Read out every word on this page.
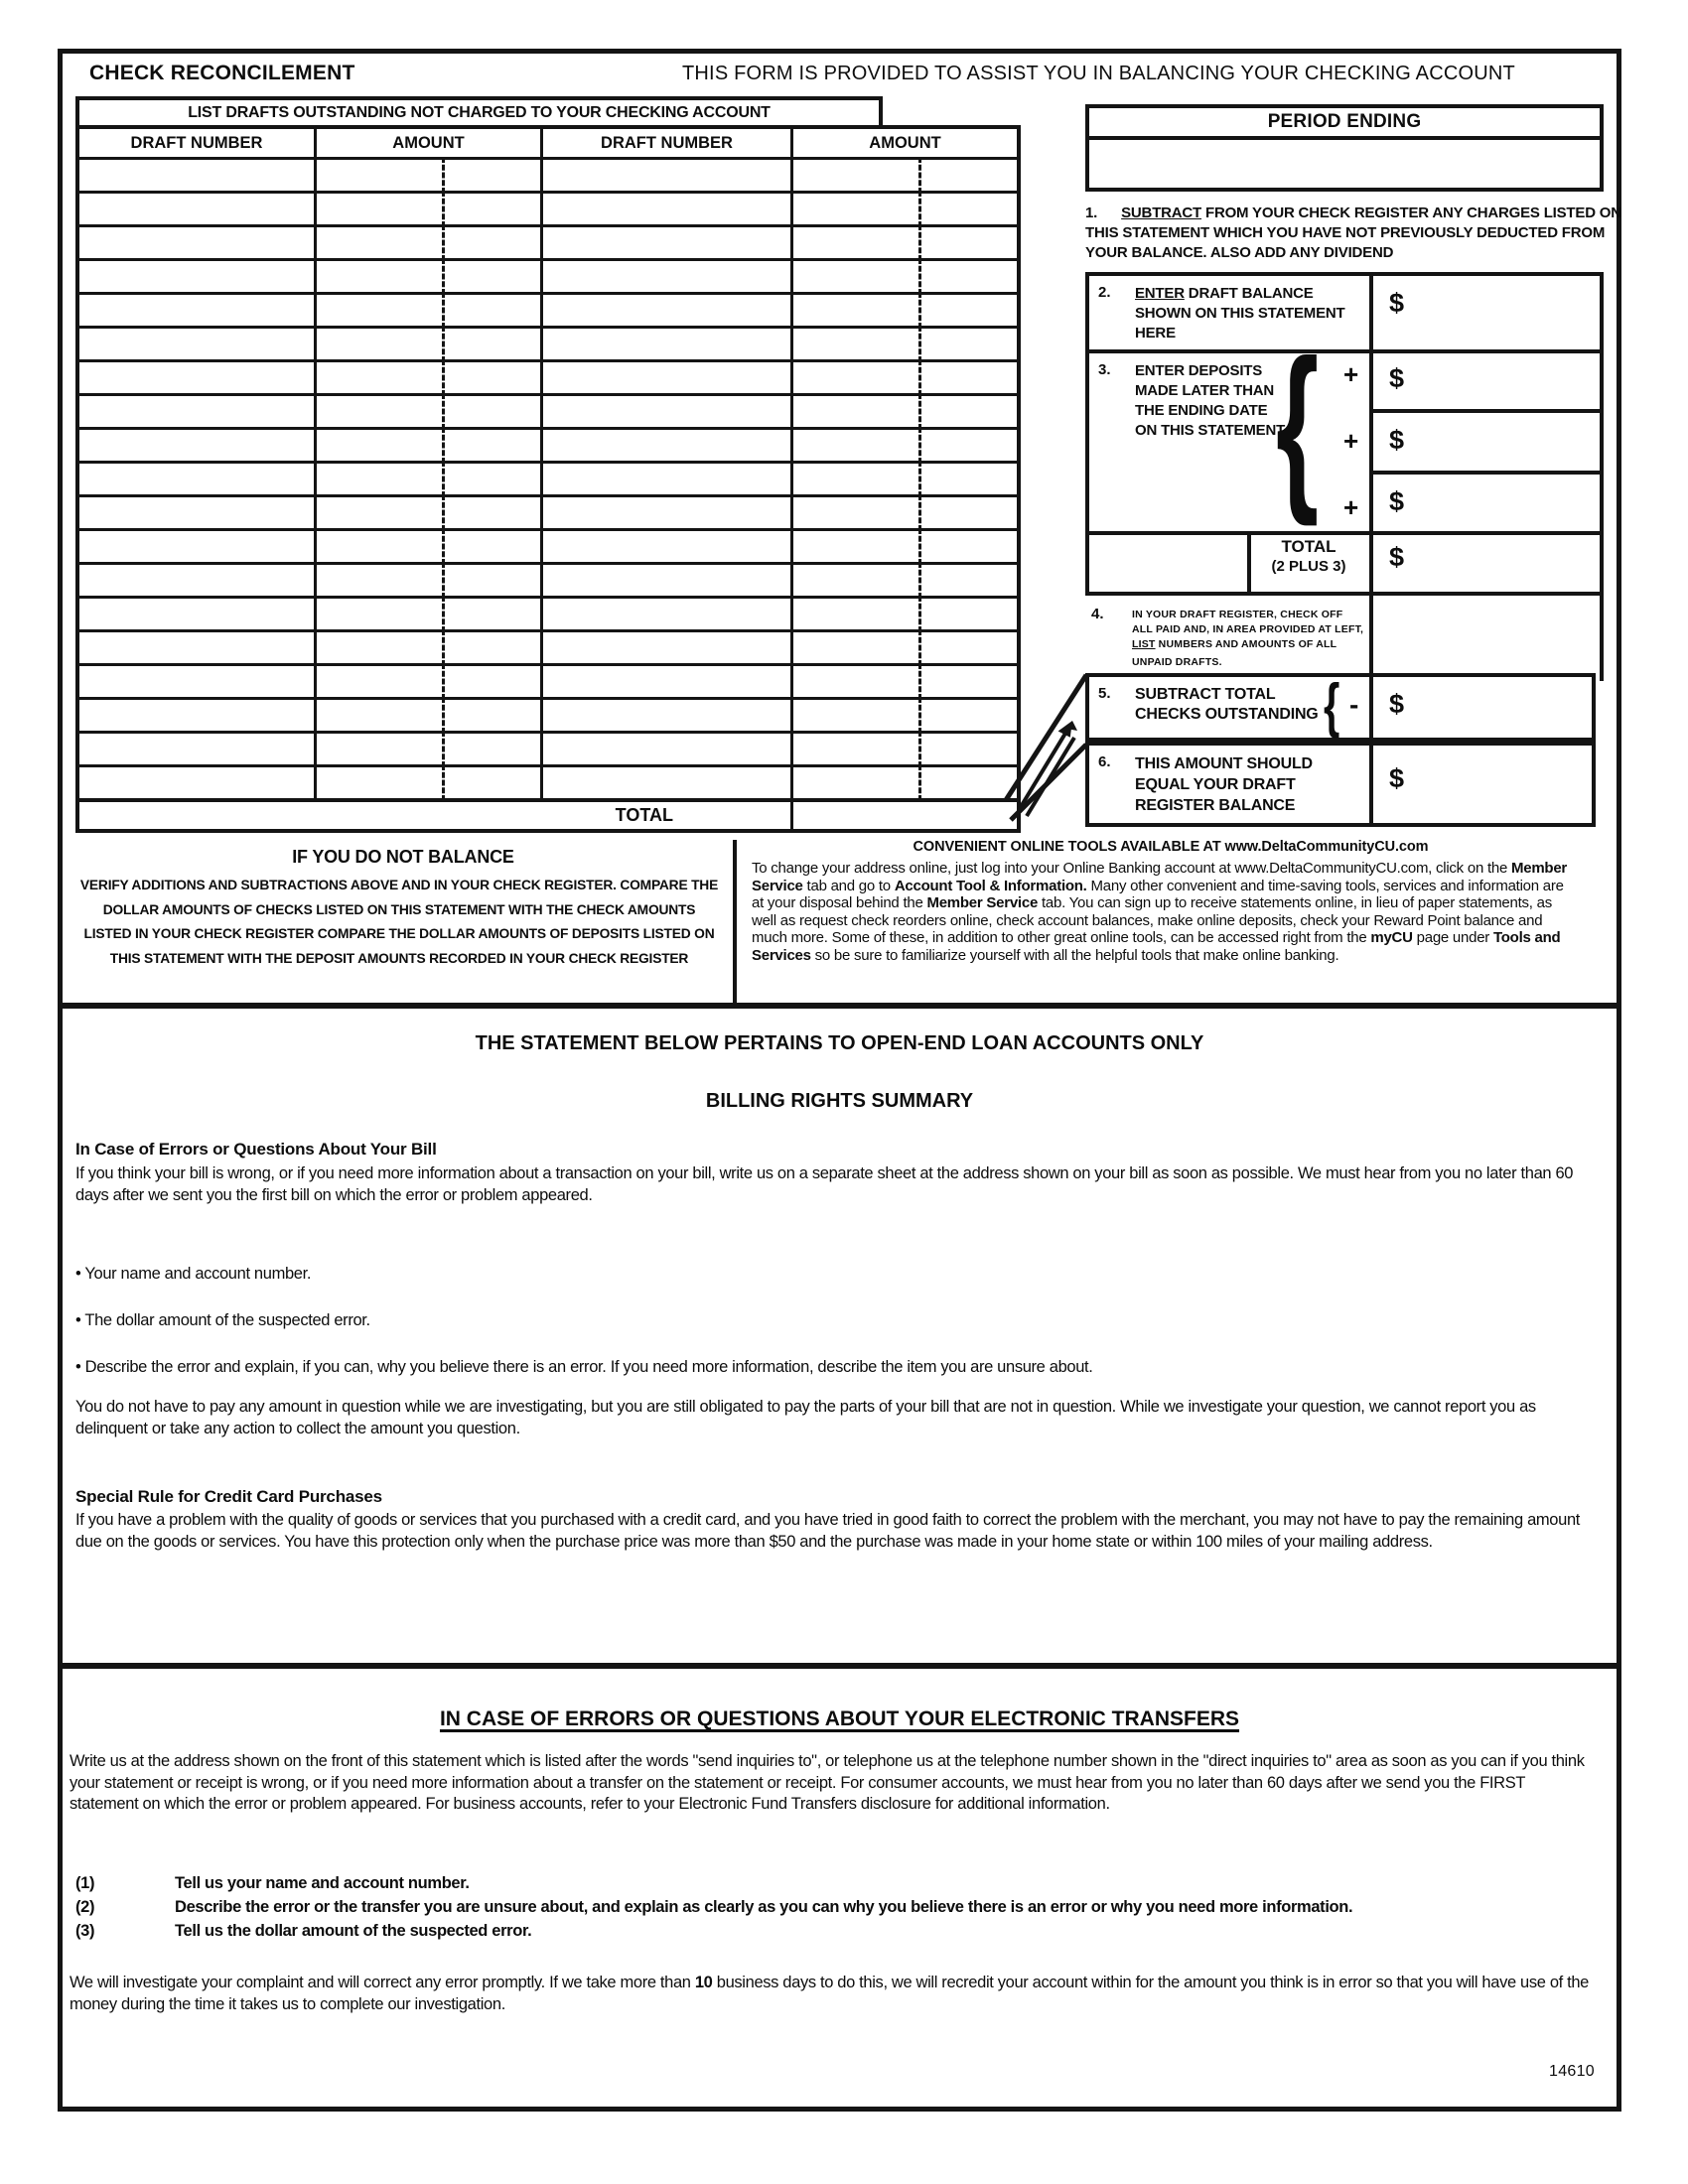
CHECK RECONCILEMENT	THIS FORM IS PROVIDED TO ASSIST YOU IN BALANCING YOUR CHECKING ACCOUNT
LIST DRAFTS OUTSTANDING NOT CHARGED TO YOUR CHECKING ACCOUNT
DRAFT NUMBER	AMOUNT	DRAFT NUMBER	AMOUNT

TOTAL			
PERIOD ENDING
1. SUBTRACT FROM YOUR CHECK REGISTER ANY CHARGES LISTED ON THIS STATEMENT WHICH YOU HAVE NOT PREVIOUSLY DEDUCTED FROM YOUR BALANCE. ALSO ADD ANY DIVIDEND
2. ENTER DRAFT BALANCE SHOWN ON THIS STATEMENT HERE
$
3. ENTER DEPOSITS
MADE LATER THAN
THE ENDING DATE
ON THIS STATEMENT
{ +
+
+
$
$
$
TOTAL
(2 PLUS 3)	$
4.	IN YOUR DRAFT REGISTER, CHECK OFF
ALL PAID AND, IN AREA PROVIDED AT LEFT,
LIST NUMBERS AND AMOUNTS OF ALL
UNPAID DRAFTS.
5. SUBTRACT TOTAL
CHECKS OUTSTANDING { - $
6. THIS AMOUNT SHOULD
EQUAL YOUR DRAFT
REGISTER BALANCE
$
IF YOU DO NOT BALANCE
VERIFY ADDITIONS AND SUBTRACTIONS ABOVE AND IN YOUR CHECK REGISTER. COMPARE THE DOLLAR AMOUNTS OF CHECKS LISTED ON THIS STATEMENT WITH THE CHECK AMOUNTS LISTED IN YOUR CHECK REGISTER COMPARE THE DOLLAR AMOUNTS OF DEPOSITS LISTED ON THIS STATEMENT WITH THE DEPOSIT AMOUNTS RECORDED IN YOUR CHECK REGISTER
CONVENIENT ONLINE TOOLS AVAILABLE AT www.DeltaCommunityCU.com
To change your address online, just log into your Online Banking account at www.DeltaCommunityCU.com, click on the Member Service tab and go to Account Tool & Information. Many other convenient and time-saving tools, services and information are at your disposal behind the Member Service tab. You can sign up to receive statements online, in lieu of paper statements, as well as request check reorders online, check account balances, make online deposits, check your Reward Point balance and much more. Some of these, in addition to other great online tools, can be accessed right from the myCU page under Tools and Services so be sure to familiarize yourself with all the helpful tools that make online banking.
THE STATEMENT BELOW PERTAINS TO OPEN-END LOAN ACCOUNTS ONLY
BILLING RIGHTS SUMMARY
In Case of Errors or Questions About Your Bill
If you think your bill is wrong, or if you need more information about a transaction on your bill, write us on a separate sheet at the address shown on your bill as soon as possible. We must hear from you no later than 60 days after we sent you the first bill on which the error or problem appeared.
• Your name and account number.
• The dollar amount of the suspected error.
• Describe the error and explain, if you can, why you believe there is an error. If you need more information, describe the item you are unsure about.
You do not have to pay any amount in question while we are investigating, but you are still obligated to pay the parts of your bill that are not in question. While we investigate your question, we cannot report you as delinquent or take any action to collect the amount you question.
Special Rule for Credit Card Purchases
If you have a problem with the quality of goods or services that you purchased with a credit card, and you have tried in good faith to correct the problem with the merchant, you may not have to pay the remaining amount due on the goods or services. You have this protection only when the purchase price was more than $50 and the purchase was made in your home state or within 100 miles of your mailing address.
IN CASE OF ERRORS OR QUESTIONS ABOUT YOUR ELECTRONIC TRANSFERS
Write us at the address shown on the front of this statement which is listed after the words "send inquiries to", or telephone us at the telephone number shown in the "direct inquiries to" area as soon as you can if you think your statement or receipt is wrong, or if you need more information about a transfer on the statement or receipt. For consumer accounts, we must hear from you no later than 60 days after we send you the FIRST statement on which the error or problem appeared. For business accounts, refer to your Electronic Fund Transfers disclosure for additional information.
(1)	Tell us your name and account number.
(2)	Describe the error or the transfer you are unsure about, and explain as clearly as you can why you believe there is an error or why you need more information.
(3)	Tell us the dollar amount of the suspected error.
We will investigate your complaint and will correct any error promptly. If we take more than 10 business days to do this, we will recredit your account within for the amount you think is in error so that you will have use of the money during the time it takes us to complete our investigation.
14610
